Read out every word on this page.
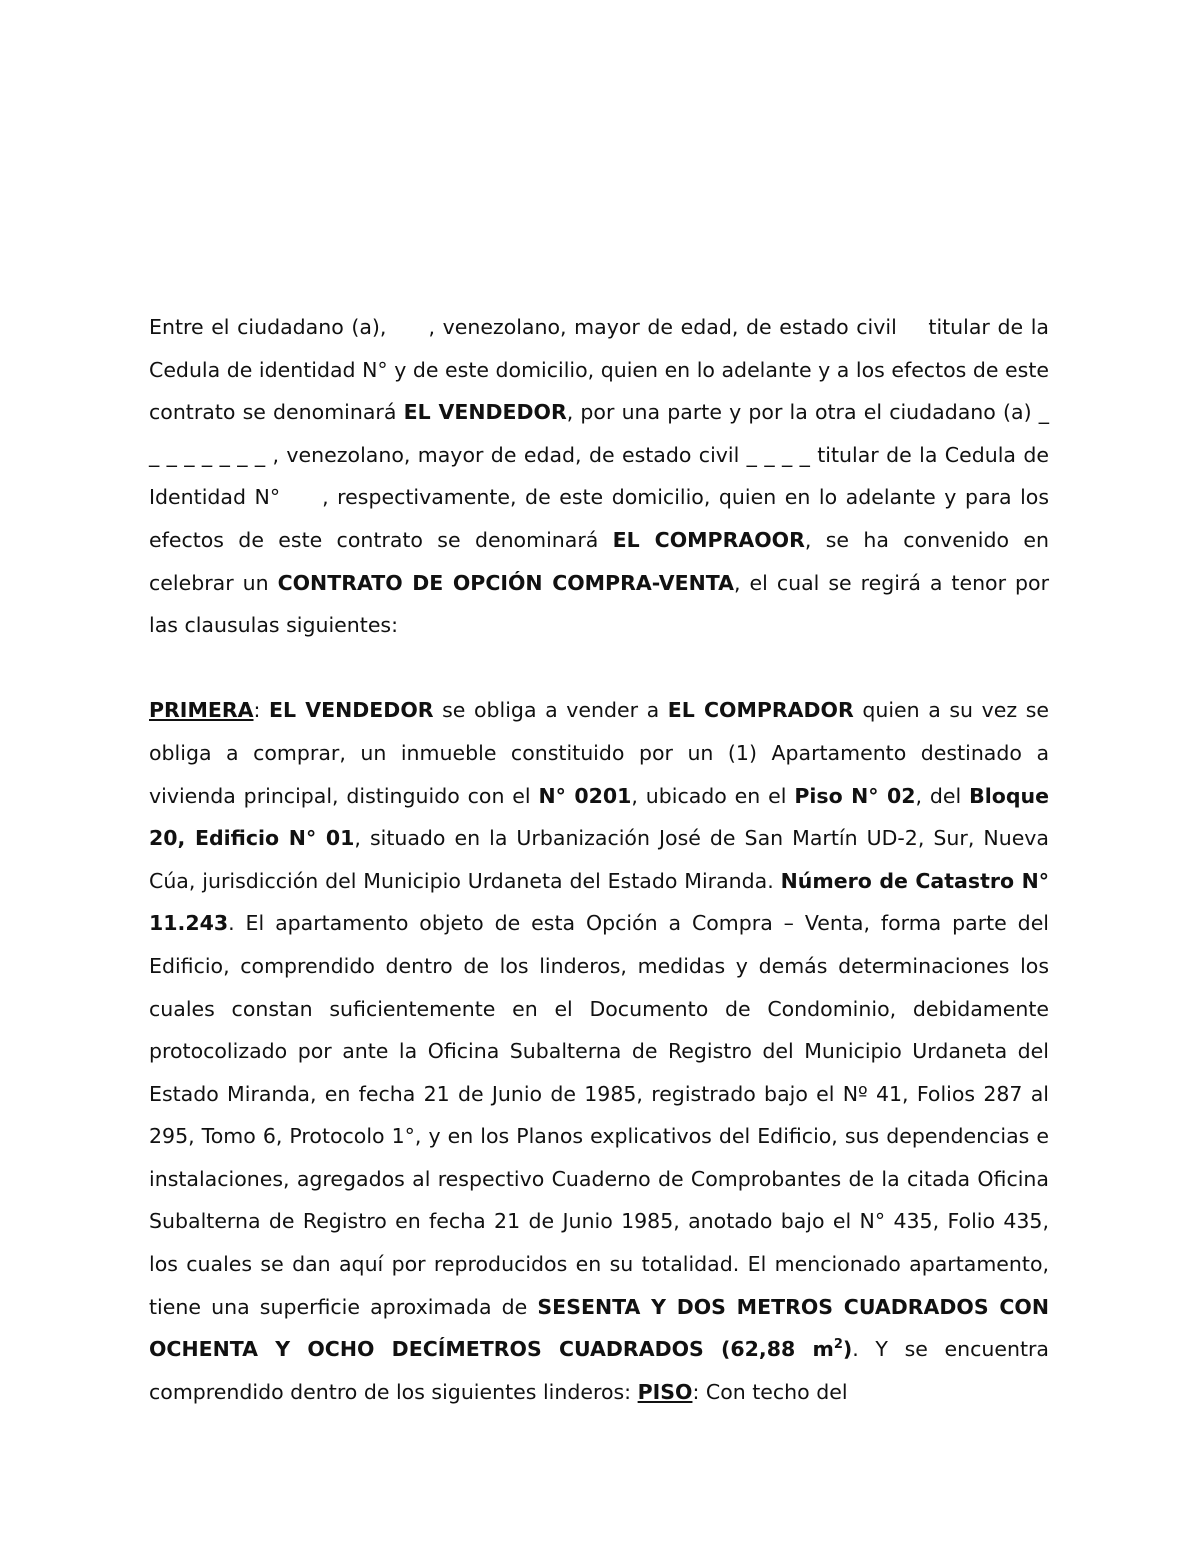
Entre el ciudadano (a), , venezolano, mayor de edad, de estado civil titular de la Cedula de identidad N° y de este domicilio, quien en lo adelante y a los efectos de este contrato se denominará EL VENDEDOR, por una parte y por la otra el ciudadano (a) _ _ _ _ _ _ _ _ , venezolano, mayor de edad, de estado civil _ _ _ _ titular de la Cedula de Identidad N° , respectivamente, de este domicilio, quien en lo adelante y para los efectos de este contrato se denominará EL COMPRAOOR, se ha convenido en celebrar un CONTRATO DE OPCIÓN COMPRA-VENTA, el cual se regirá a tenor por las clausulas siguientes:

PRIMERA: EL VENDEDOR se obliga a vender a EL COMPRADOR quien a su vez se obliga a comprar, un inmueble constituido por un (1) Apartamento destinado a vivienda principal, distinguido con el N° 0201, ubicado en el Piso N° 02, del Bloque 20, Edificio N° 01, situado en la Urbanización José de San Martín UD-2, Sur, Nueva Cúa, jurisdicción del Municipio Urdaneta del Estado Miranda. Número de Catastro N° 11.243. El apartamento objeto de esta Opción a Compra – Venta, forma parte del Edificio, comprendido dentro de los linderos, medidas y demás determinaciones los cuales constan suficientemente en el Documento de Condominio, debidamente protocolizado por ante la Oficina Subalterna de Registro del Municipio Urdaneta del Estado Miranda, en fecha 21 de Junio de 1985, registrado bajo el Nº 41, Folios 287 al 295, Tomo 6, Protocolo 1°, y en los Planos explicativos del Edificio, sus dependencias e instalaciones, agregados al respectivo Cuaderno de Comprobantes de la citada Oficina Subalterna de Registro en fecha 21 de Junio 1985, anotado bajo el N° 435, Folio 435, los cuales se dan aquí por reproducidos en su totalidad. El mencionado apartamento, tiene una superficie aproximada de SESENTA Y DOS METROS CUADRADOS CON OCHENTA Y OCHO DECÍMETROS CUADRADOS (62,88 $m^2$). Y se encuentra comprendido dentro de los siguientes linderos: PISO: Con techo del
